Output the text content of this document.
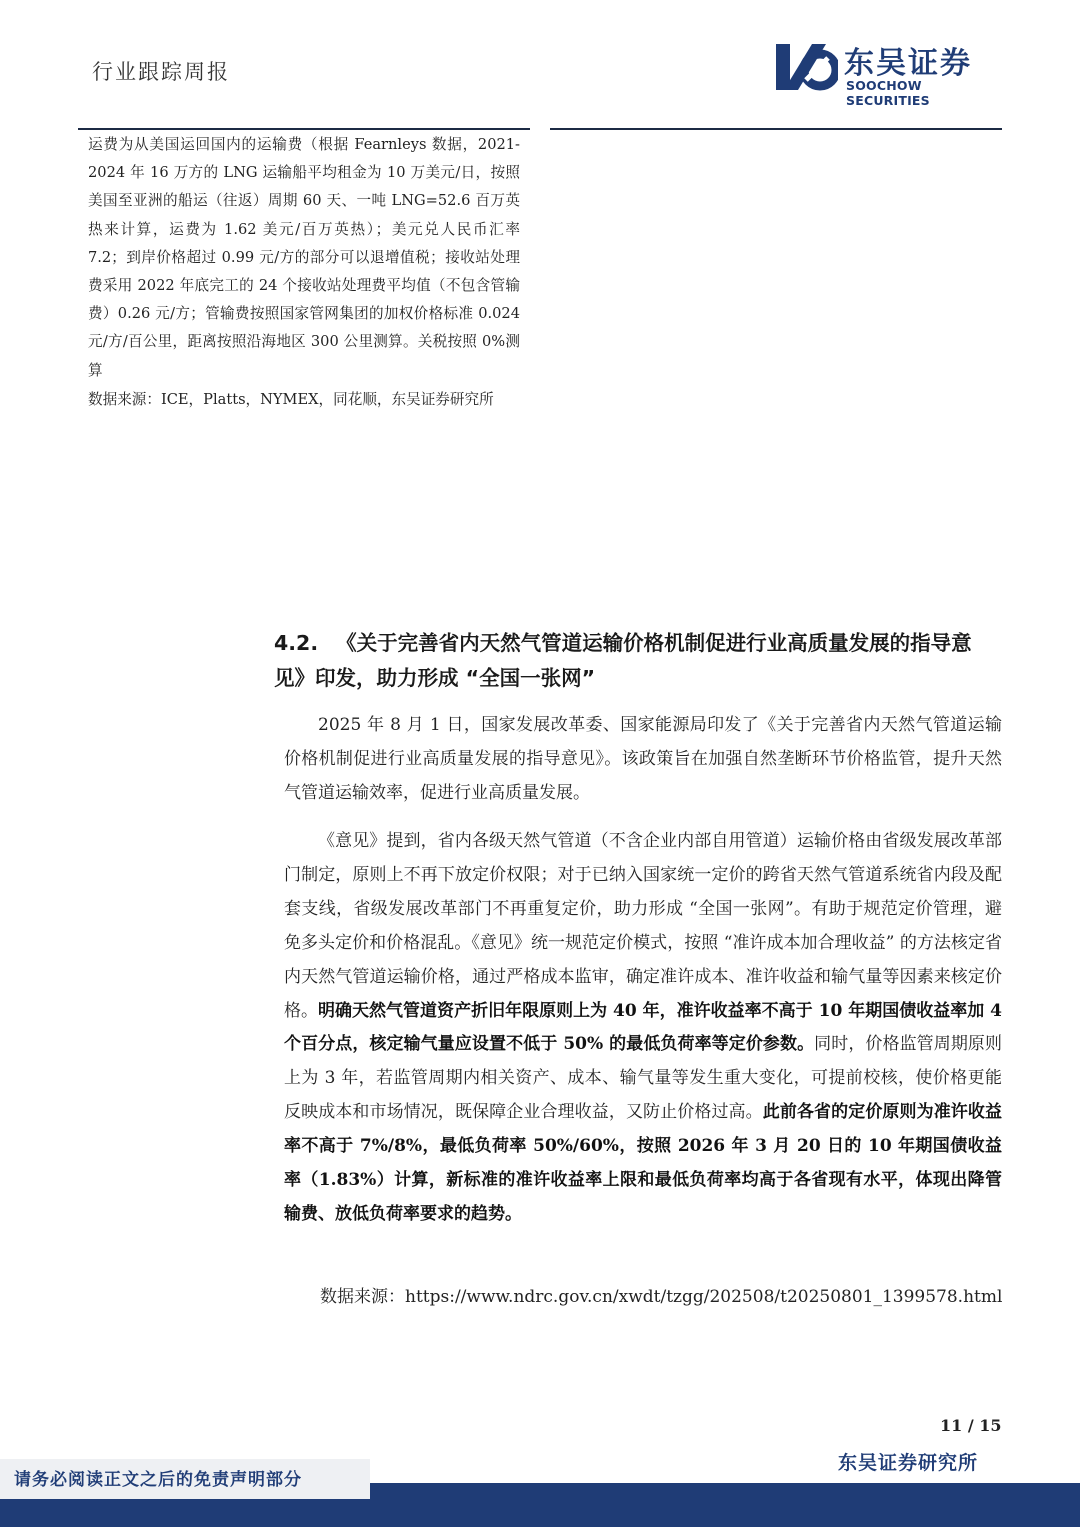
行业跟踪周报	东吴证券
SOOCHOW SECURITIES

运费为从美国运回国内的运输费（根据 Fearnleys 数据，2021-2024 年 16 万方的 LNG 运输船平均租金为 10 万美元/日，按照美国至亚洲的船运（往返）周期 60 天、一吨 LNG=52.6 百万英热来计算，运费为 1.62 美元/百万英热）；美元兑人民币汇率 7.2；到岸价格超过 0.99 元/方的部分可以退增值税；接收站处理费采用 2022 年底完工的 24 个接收站处理费平均值（不包含管输费）0.26 元/方；管输费按照国家管网集团的加权价格标准 0.024 元/方/百公里，距离按照沿海地区 300 公里测算。关税按照 0%测算

数据来源：ICE，Platts，NYMEX，同花顺，东吴证券研究所
4.2. 《关于完善省内天然气管道运输价格机制促进行业高质量发展的指导意见》印发，助力形成 “全国一张网”

2025 年 8 月 1 日，国家发展改革委、国家能源局印发了《关于完善省内天然气管道运输价格机制促进行业高质量发展的指导意见》。该政策旨在加强自然垄断环节价格监管，提升天然气管道运输效率，促进行业高质量发展。

《意见》提到，省内各级天然气管道（不含企业内部自用管道）运输价格由省级发展改革部门制定，原则上不再下放定价权限；对于已纳入国家统一定价的跨省天然气管道系统省内段及配套支线，省级发展改革部门不再重复定价，助力形成 “全国一张网”。有助于规范定价管理，避免多头定价和价格混乱。《意见》统一规范定价模式，按照 “准许成本加合理收益” 的方法核定省内天然气管道运输价格，通过严格成本监审，确定准许成本、准许收益和输气量等因素来核定价格。明确天然气管道资产折旧年限原则上为 40 年，准许收益率不高于 10 年期国债收益率加 4 个百分点，核定输气量应设置不低于 50% 的最低负荷率等定价参数。同时，价格监管周期原则上为 3 年，若监管周期内相关资产、成本、输气量等发生重大变化，可提前校核，使价格更能反映成本和市场情况，既保障企业合理收益，又防止价格过高。此前各省的定价原则为准许收益率不高于 7%/8%，最低负荷率 50%/60%，按照 2026 年 3 月 20 日的 10 年期国债收益率（1.83%）计算，新标准的准许收益率上限和最低负荷率均高于各省现有水平，体现出降管输费、放低负荷率要求的趋势。

数据来源：https://www.ndrc.gov.cn/xwdt/tzgg/202508/t20250801_1399578.html
11 / 15
东吴证券研究所
请务必阅读正文之后的免责声明部分
